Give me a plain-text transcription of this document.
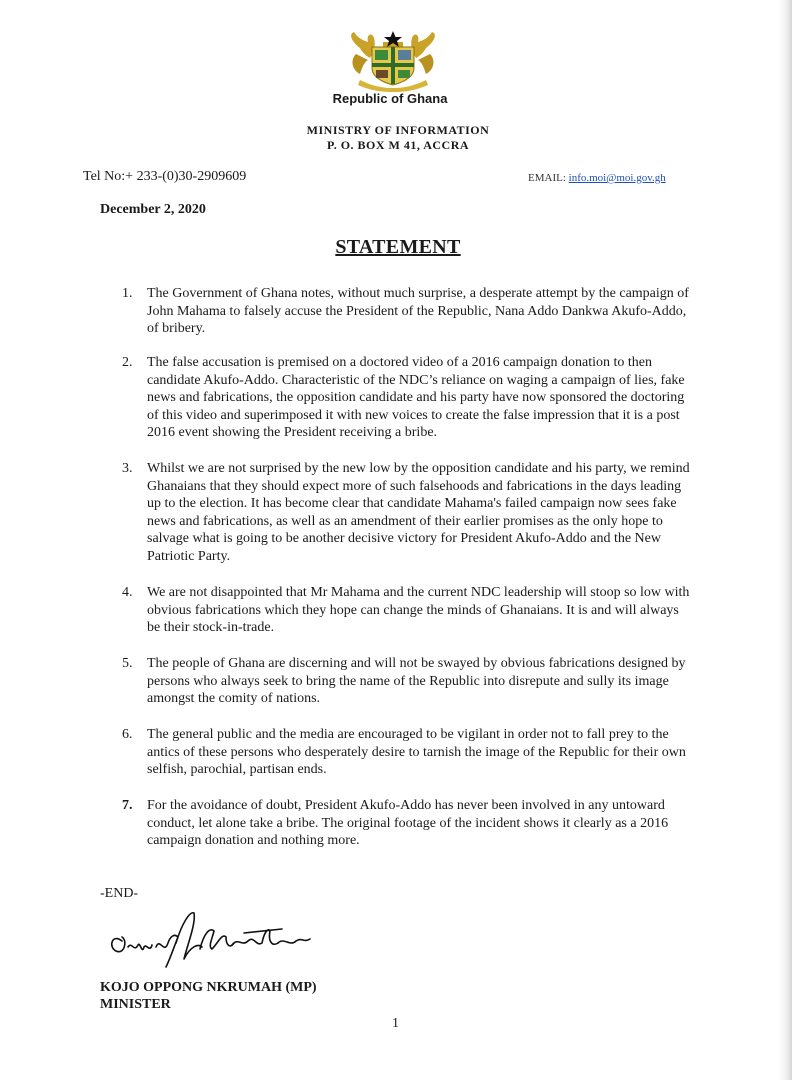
Republic of Ghana
MINISTRY OF INFORMATION
P. O. BOX M 41, ACCRA
Tel No:+ 233-(0)30-2909609	EMAIL: info.moi@moi.gov.gh
December 2, 2020
STATEMENT
1.	The Government of Ghana notes, without much surprise, a desperate attempt by the campaign of John Mahama to falsely accuse the President of the Republic, Nana Addo Dankwa Akufo-Addo, of bribery.
2.	The false accusation is premised on a doctored video of a 2016 campaign donation to then candidate Akufo-Addo. Characteristic of the NDC’s reliance on waging a campaign of lies, fake news and fabrications, the opposition candidate and his party have now sponsored the doctoring of this video and superimposed it with new voices to create the false impression that it is a post 2016 event showing the President receiving a bribe.
3.	Whilst we are not surprised by the new low by the opposition candidate and his party, we remind Ghanaians that they should expect more of such falsehoods and fabrications in the days leading up to the election. It has become clear that candidate Mahama's failed campaign now sees fake news and fabrications, as well as an amendment of their earlier promises as the only hope to salvage what is going to be another decisive victory for President Akufo-Addo and the New Patriotic Party.
4.	We are not disappointed that Mr Mahama and the current NDC leadership will stoop so low with obvious fabrications which they hope can change the minds of Ghanaians. It is and will always be their stock-in-trade.
5.	The people of Ghana are discerning and will not be swayed by obvious fabrications designed by persons who always seek to bring the name of the Republic into disrepute and sully its image amongst the comity of nations.
6.	The general public and the media are encouraged to be vigilant in order not to fall prey to the antics of these persons who desperately desire to tarnish the image of the Republic for their own selfish, parochial, partisan ends.
7.	For the avoidance of doubt, President Akufo-Addo has never been involved in any untoward conduct, let alone take a bribe. The original footage of the incident shows it clearly as a 2016 campaign donation and nothing more.
-END-
KOJO OPPONG NKRUMAH (MP)
MINISTER
1
